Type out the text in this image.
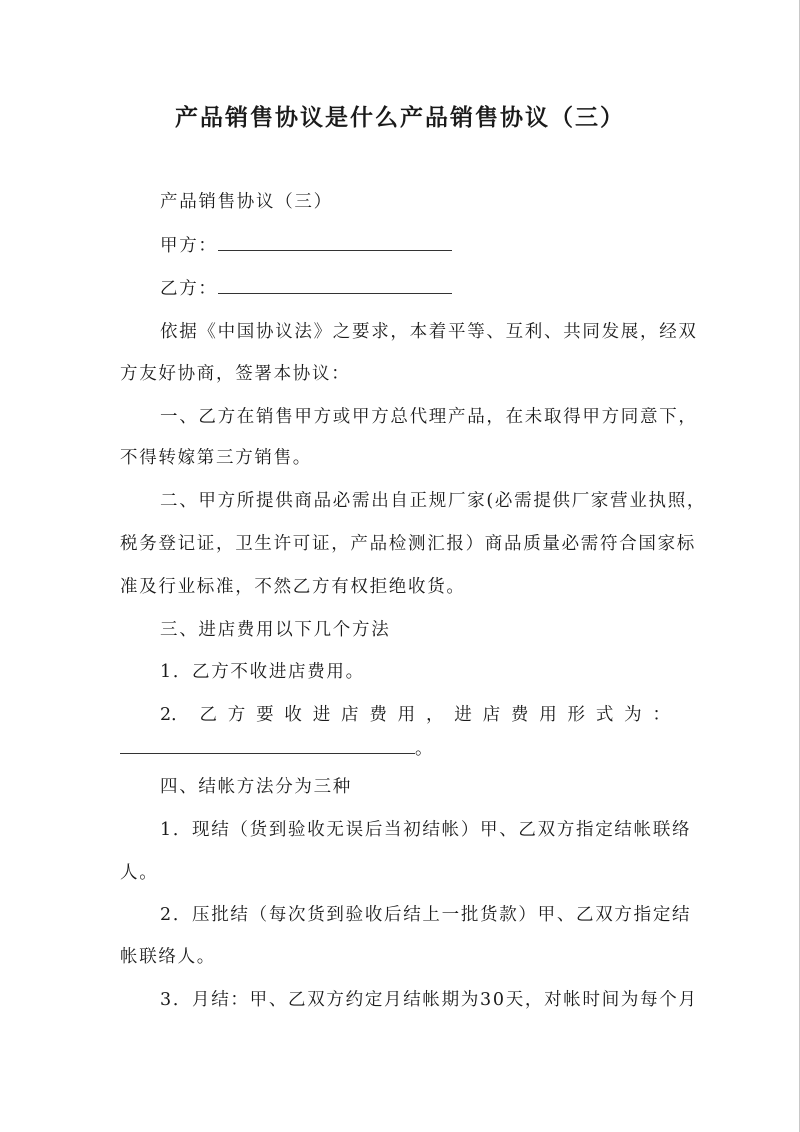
产品销售协议是什么产品销售协议（三）
产品销售协议（三）
甲方：
乙方：
依据《中国协议法》之要求，本着平等、互利、共同发展，经双
方友好协商，签署本协议：
一、乙方在销售甲方或甲方总代理产品，在未取得甲方同意下，
不得转嫁第三方销售。
二、甲方所提供商品必需出自正规厂家(必需提供厂家营业执照，
税务登记证，卫生许可证，产品检测汇报）商品质量必需符合国家标
准及行业标准，不然乙方有权拒绝收货。
三、进店费用以下几个方法
1．乙方不收进店费用。
2． 乙 方 要 收 进 店 费 用 ， 进 店 费 用 形 式 为 ：
。
四、结帐方法分为三种
1．现结（货到验收无误后当初结帐）甲、乙双方指定结帐联络
人。
2．压批结（每次货到验收后结上一批货款）甲、乙双方指定结
帐联络人。
3．月结：甲、乙双方约定月结帐期为30天，对帐时间为每个月
